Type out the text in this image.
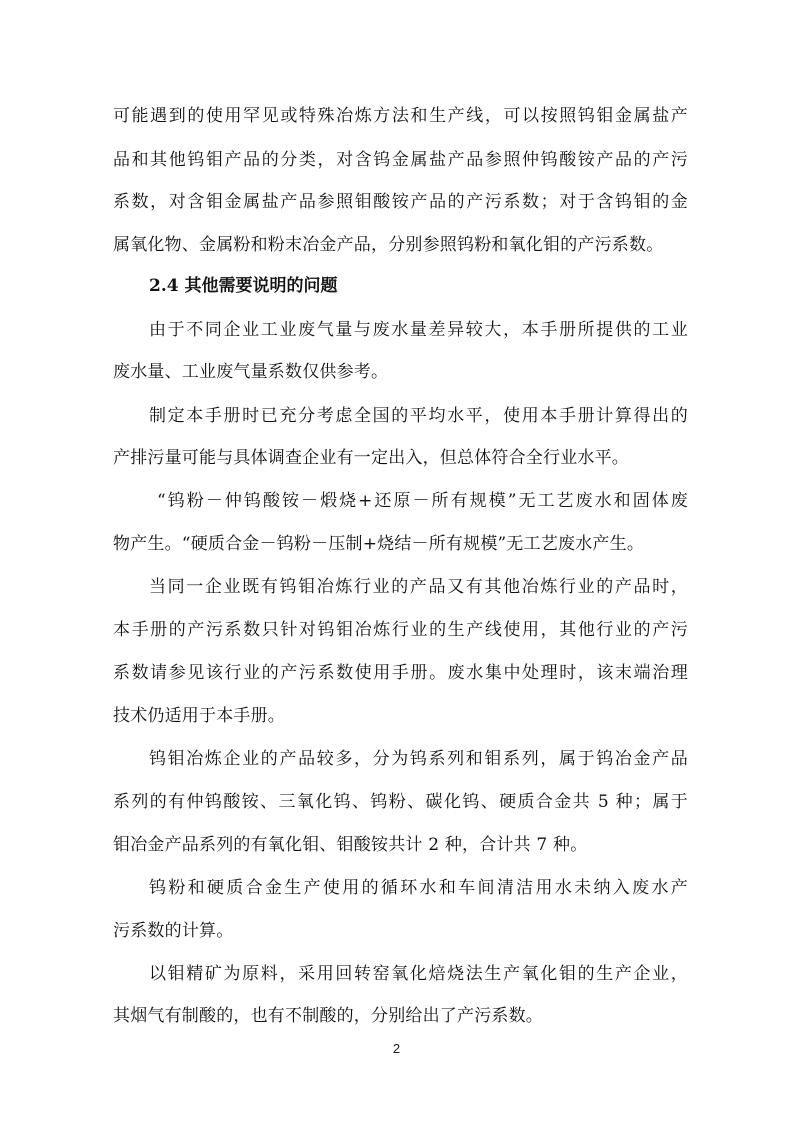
可能遇到的使用罕见或特殊冶炼方法和生产线，可以按照钨钼金属盐产
品和其他钨钼产品的分类，对含钨金属盐产品参照仲钨酸铵产品的产污
系数，对含钼金属盐产品参照钼酸铵产品的产污系数；对于含钨钼的金
属氧化物、金属粉和粉末冶金产品，分别参照钨粉和氧化钼的产污系数。
2.4 其他需要说明的问题
由于不同企业工业废气量与废水量差异较大，本手册所提供的工业
废水量、工业废气量系数仅供参考。
制定本手册时已充分考虑全国的平均水平，使用本手册计算得出的
产排污量可能与具体调查企业有一定出入，但总体符合全行业水平。
“钨粉－仲钨酸铵－煅烧+还原－所有规模”无工艺废水和固体废
物产生。“硬质合金－钨粉－压制+烧结－所有规模”无工艺废水产生。
当同一企业既有钨钼冶炼行业的产品又有其他冶炼行业的产品时，
本手册的产污系数只针对钨钼冶炼行业的生产线使用，其他行业的产污
系数请参见该行业的产污系数使用手册。废水集中处理时，该末端治理
技术仍适用于本手册。
钨钼冶炼企业的产品较多，分为钨系列和钼系列，属于钨冶金产品
系列的有仲钨酸铵、三氧化钨、钨粉、碳化钨、硬质合金共 5 种；属于
钼冶金产品系列的有氧化钼、钼酸铵共计 2 种，合计共 7 种。
钨粉和硬质合金生产使用的循环水和车间清洁用水未纳入废水产
污系数的计算。
以钼精矿为原料，采用回转窑氧化焙烧法生产氧化钼的生产企业，
其烟气有制酸的，也有不制酸的，分别给出了产污系数。
2
